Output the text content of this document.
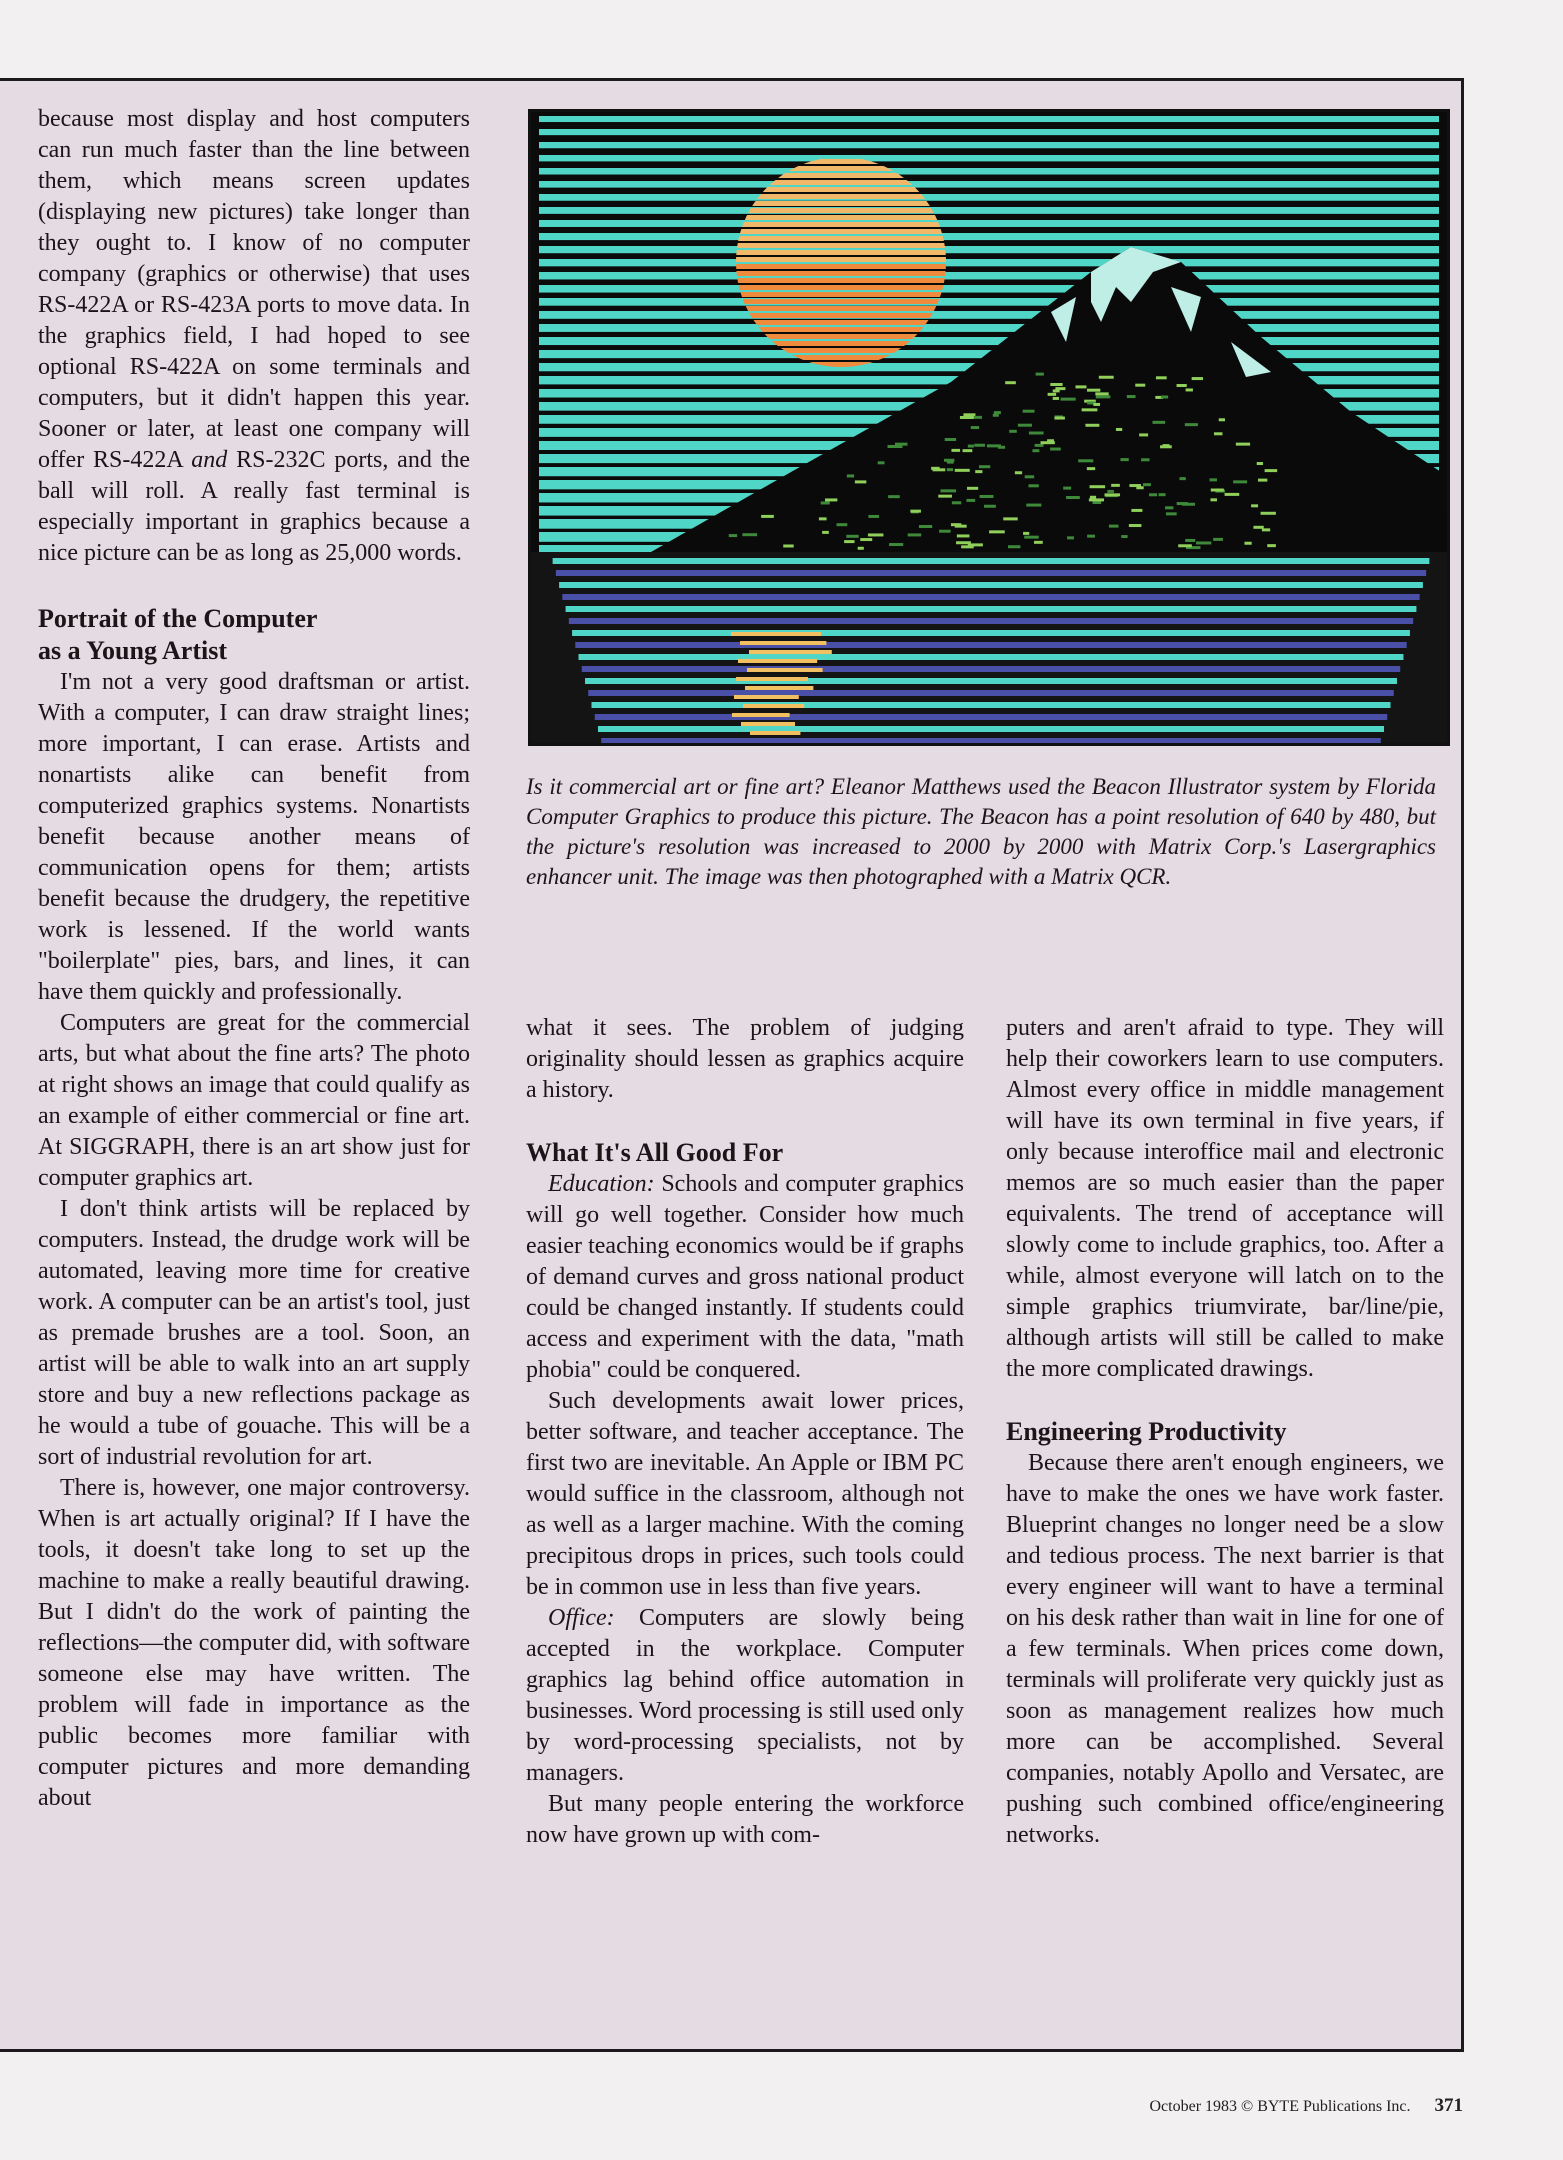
because most display and host computers can run much faster than the line between them, which means screen updates (displaying new pictures) take longer than they ought to. I know of no computer company (graphics or otherwise) that uses RS-422A or RS-423A ports to move data. In the graphics field, I had hoped to see optional RS-422A on some terminals and computers, but it didn't happen this year. Sooner or later, at least one company will offer RS-422A and RS-232C ports, and the ball will roll. A really fast terminal is especially important in graphics because a nice picture can be as long as 25,000 words.

Portrait of the Computer
as a Young Artist

I'm not a very good draftsman or artist. With a computer, I can draw straight lines; more important, I can erase. Artists and nonartists alike can benefit from computerized graphics systems. Nonartists benefit because another means of communication opens for them; artists benefit because the drudgery, the repetitive work is lessened. If the world wants "boilerplate" pies, bars, and lines, it can have them quickly and professionally.

Computers are great for the commercial arts, but what about the fine arts? The photo at right shows an image that could qualify as an example of either commercial or fine art. At SIGGRAPH, there is an art show just for computer graphics art.

I don't think artists will be replaced by computers. Instead, the drudge work will be automated, leaving more time for creative work. A computer can be an artist's tool, just as premade brushes are a tool. Soon, an artist will be able to walk into an art supply store and buy a new reflections package as he would a tube of gouache. This will be a sort of industrial revolution for art.

There is, however, one major controversy. When is art actually original? If I have the tools, it doesn't take long to set up the machine to make a really beautiful drawing. But I didn't do the work of painting the reflections—the computer did, with software someone else may have written. The problem will fade in importance as the public becomes more familiar with computer pictures and more demanding about

Is it commercial art or fine art? Eleanor Matthews used the Beacon Illustrator system by Florida Computer Graphics to produce this picture. The Beacon has a point resolution of 640 by 480, but the picture's resolution was increased to 2000 by 2000 with Matrix Corp.'s Lasergraphics enhancer unit. The image was then photographed with a Matrix QCR.

what it sees. The problem of judging originality should lessen as graphics acquire a history.

What It's All Good For

Education: Schools and computer graphics will go well together. Consider how much easier teaching economics would be if graphs of demand curves and gross national product could be changed instantly. If students could access and experiment with the data, "math phobia" could be conquered.

Such developments await lower prices, better software, and teacher acceptance. The first two are inevitable. An Apple or IBM PC would suffice in the classroom, although not as well as a larger machine. With the coming precipitous drops in prices, such tools could be in common use in less than five years.

Office: Computers are slowly being accepted in the workplace. Computer graphics lag behind office automation in businesses. Word processing is still used only by word-processing specialists, not by managers.

But many people entering the workforce now have grown up with com-

puters and aren't afraid to type. They will help their coworkers learn to use computers. Almost every office in middle management will have its own terminal in five years, if only because interoffice mail and electronic memos are so much easier than the paper equivalents. The trend of acceptance will slowly come to include graphics, too. After a while, almost everyone will latch on to the simple graphics triumvirate, bar/line/pie, although artists will still be called to make the more complicated drawings.

Engineering Productivity

Because there aren't enough engineers, we have to make the ones we have work faster. Blueprint changes no longer need be a slow and tedious process. The next barrier is that every engineer will want to have a terminal on his desk rather than wait in line for one of a few terminals. When prices come down, terminals will proliferate very quickly just as soon as management realizes how much more can be accomplished. Several companies, notably Apollo and Versatec, are pushing such combined office/engineering networks.

October 1983 © BYTE Publications Inc. 371
